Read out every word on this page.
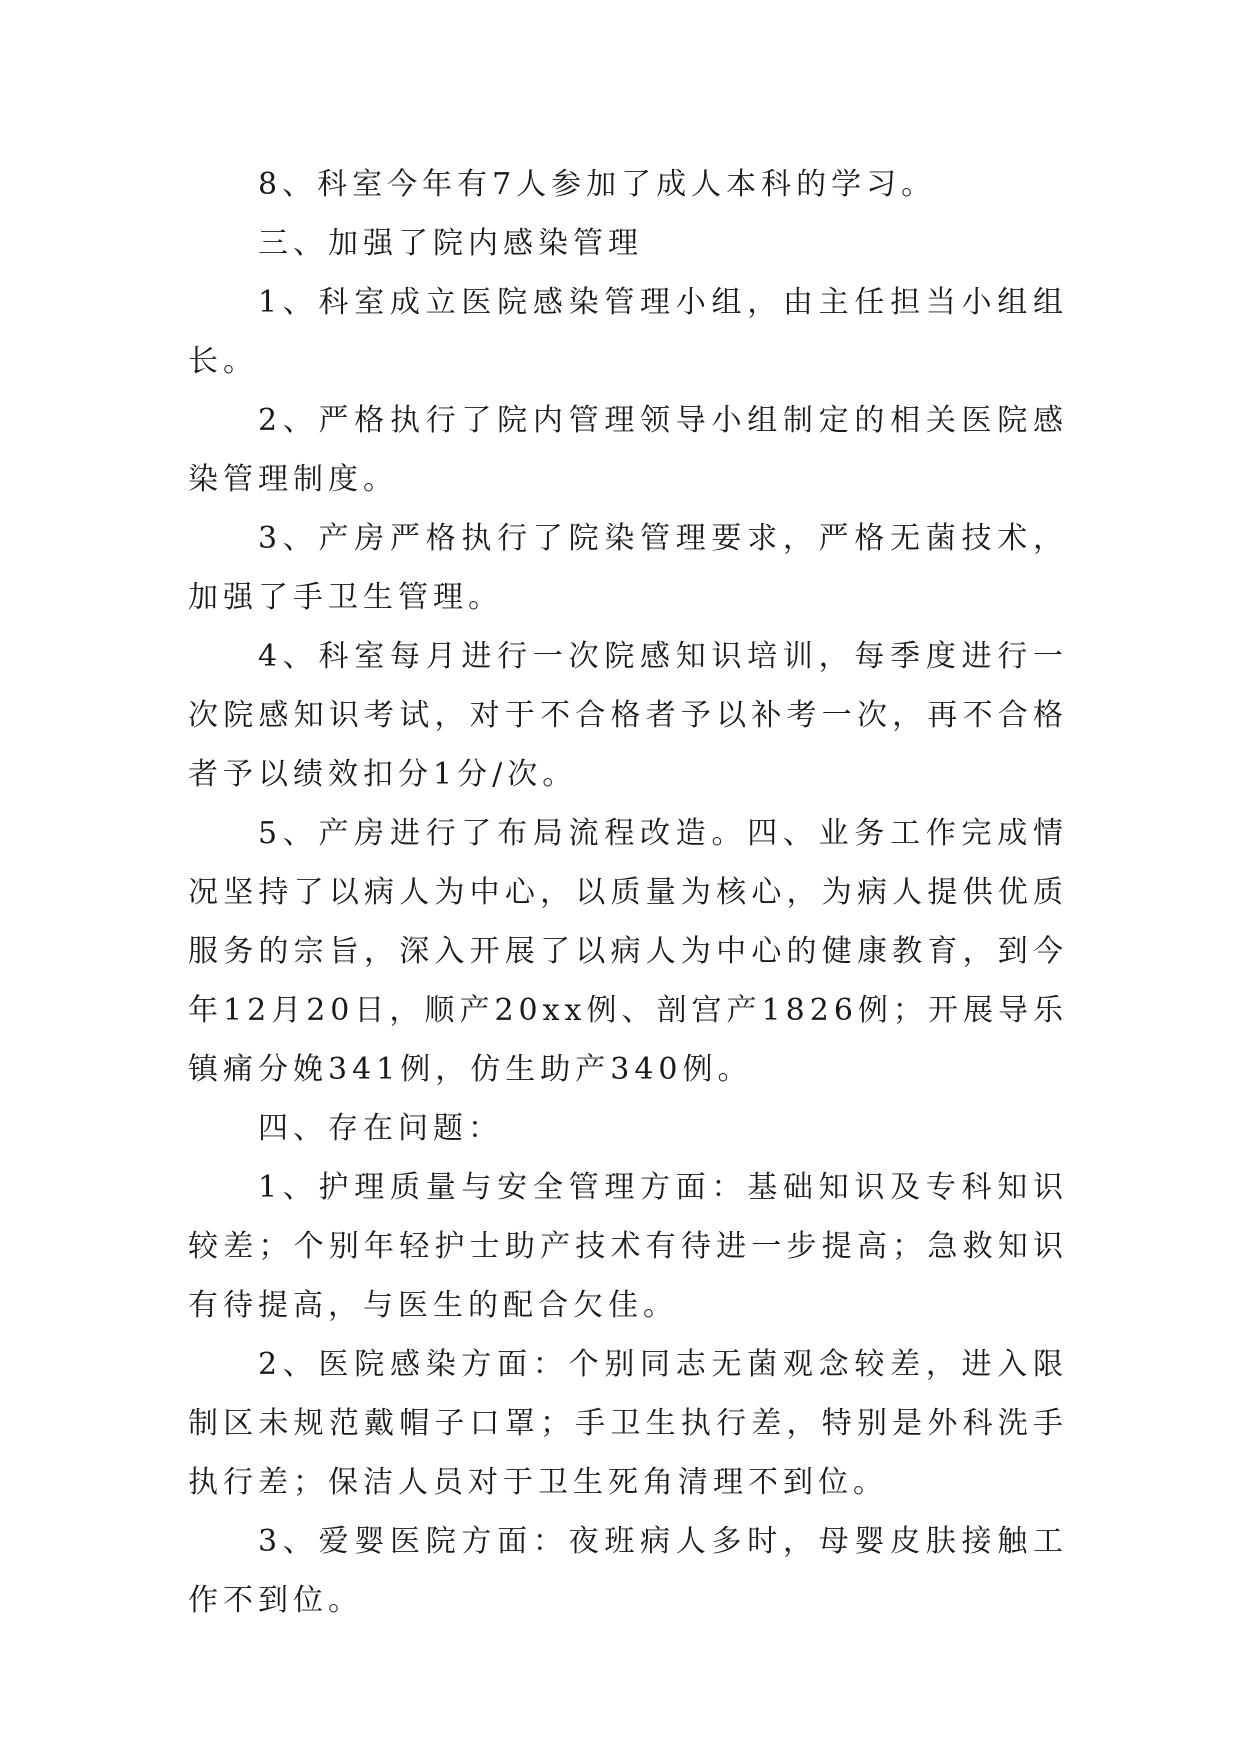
8、科室今年有7人参加了成人本科的学习。

三、加强了院内感染管理

1、科室成立医院感染管理小组，由主任担当小组组长。

2、严格执行了院内管理领导小组制定的相关医院感染管理制度。

3、产房严格执行了院染管理要求，严格无菌技术，加强了手卫生管理。

4、科室每月进行一次院感知识培训，每季度进行一次院感知识考试，对于不合格者予以补考一次，再不合格者予以绩效扣分1分/次。

5、产房进行了布局流程改造。四、业务工作完成情况坚持了以病人为中心，以质量为核心，为病人提供优质服务的宗旨，深入开展了以病人为中心的健康教育，到今年12月20日，顺产20xx例、剖宫产1826例；开展导乐镇痛分娩341例，仿生助产340例。

四、存在问题：

1、护理质量与安全管理方面：基础知识及专科知识较差；个别年轻护士助产技术有待进一步提高；急救知识有待提高，与医生的配合欠佳。

2、医院感染方面：个别同志无菌观念较差，进入限制区未规范戴帽子口罩；手卫生执行差，特别是外科洗手执行差；保洁人员对于卫生死角清理不到位。

3、爱婴医院方面：夜班病人多时，母婴皮肤接触工作不到位。
